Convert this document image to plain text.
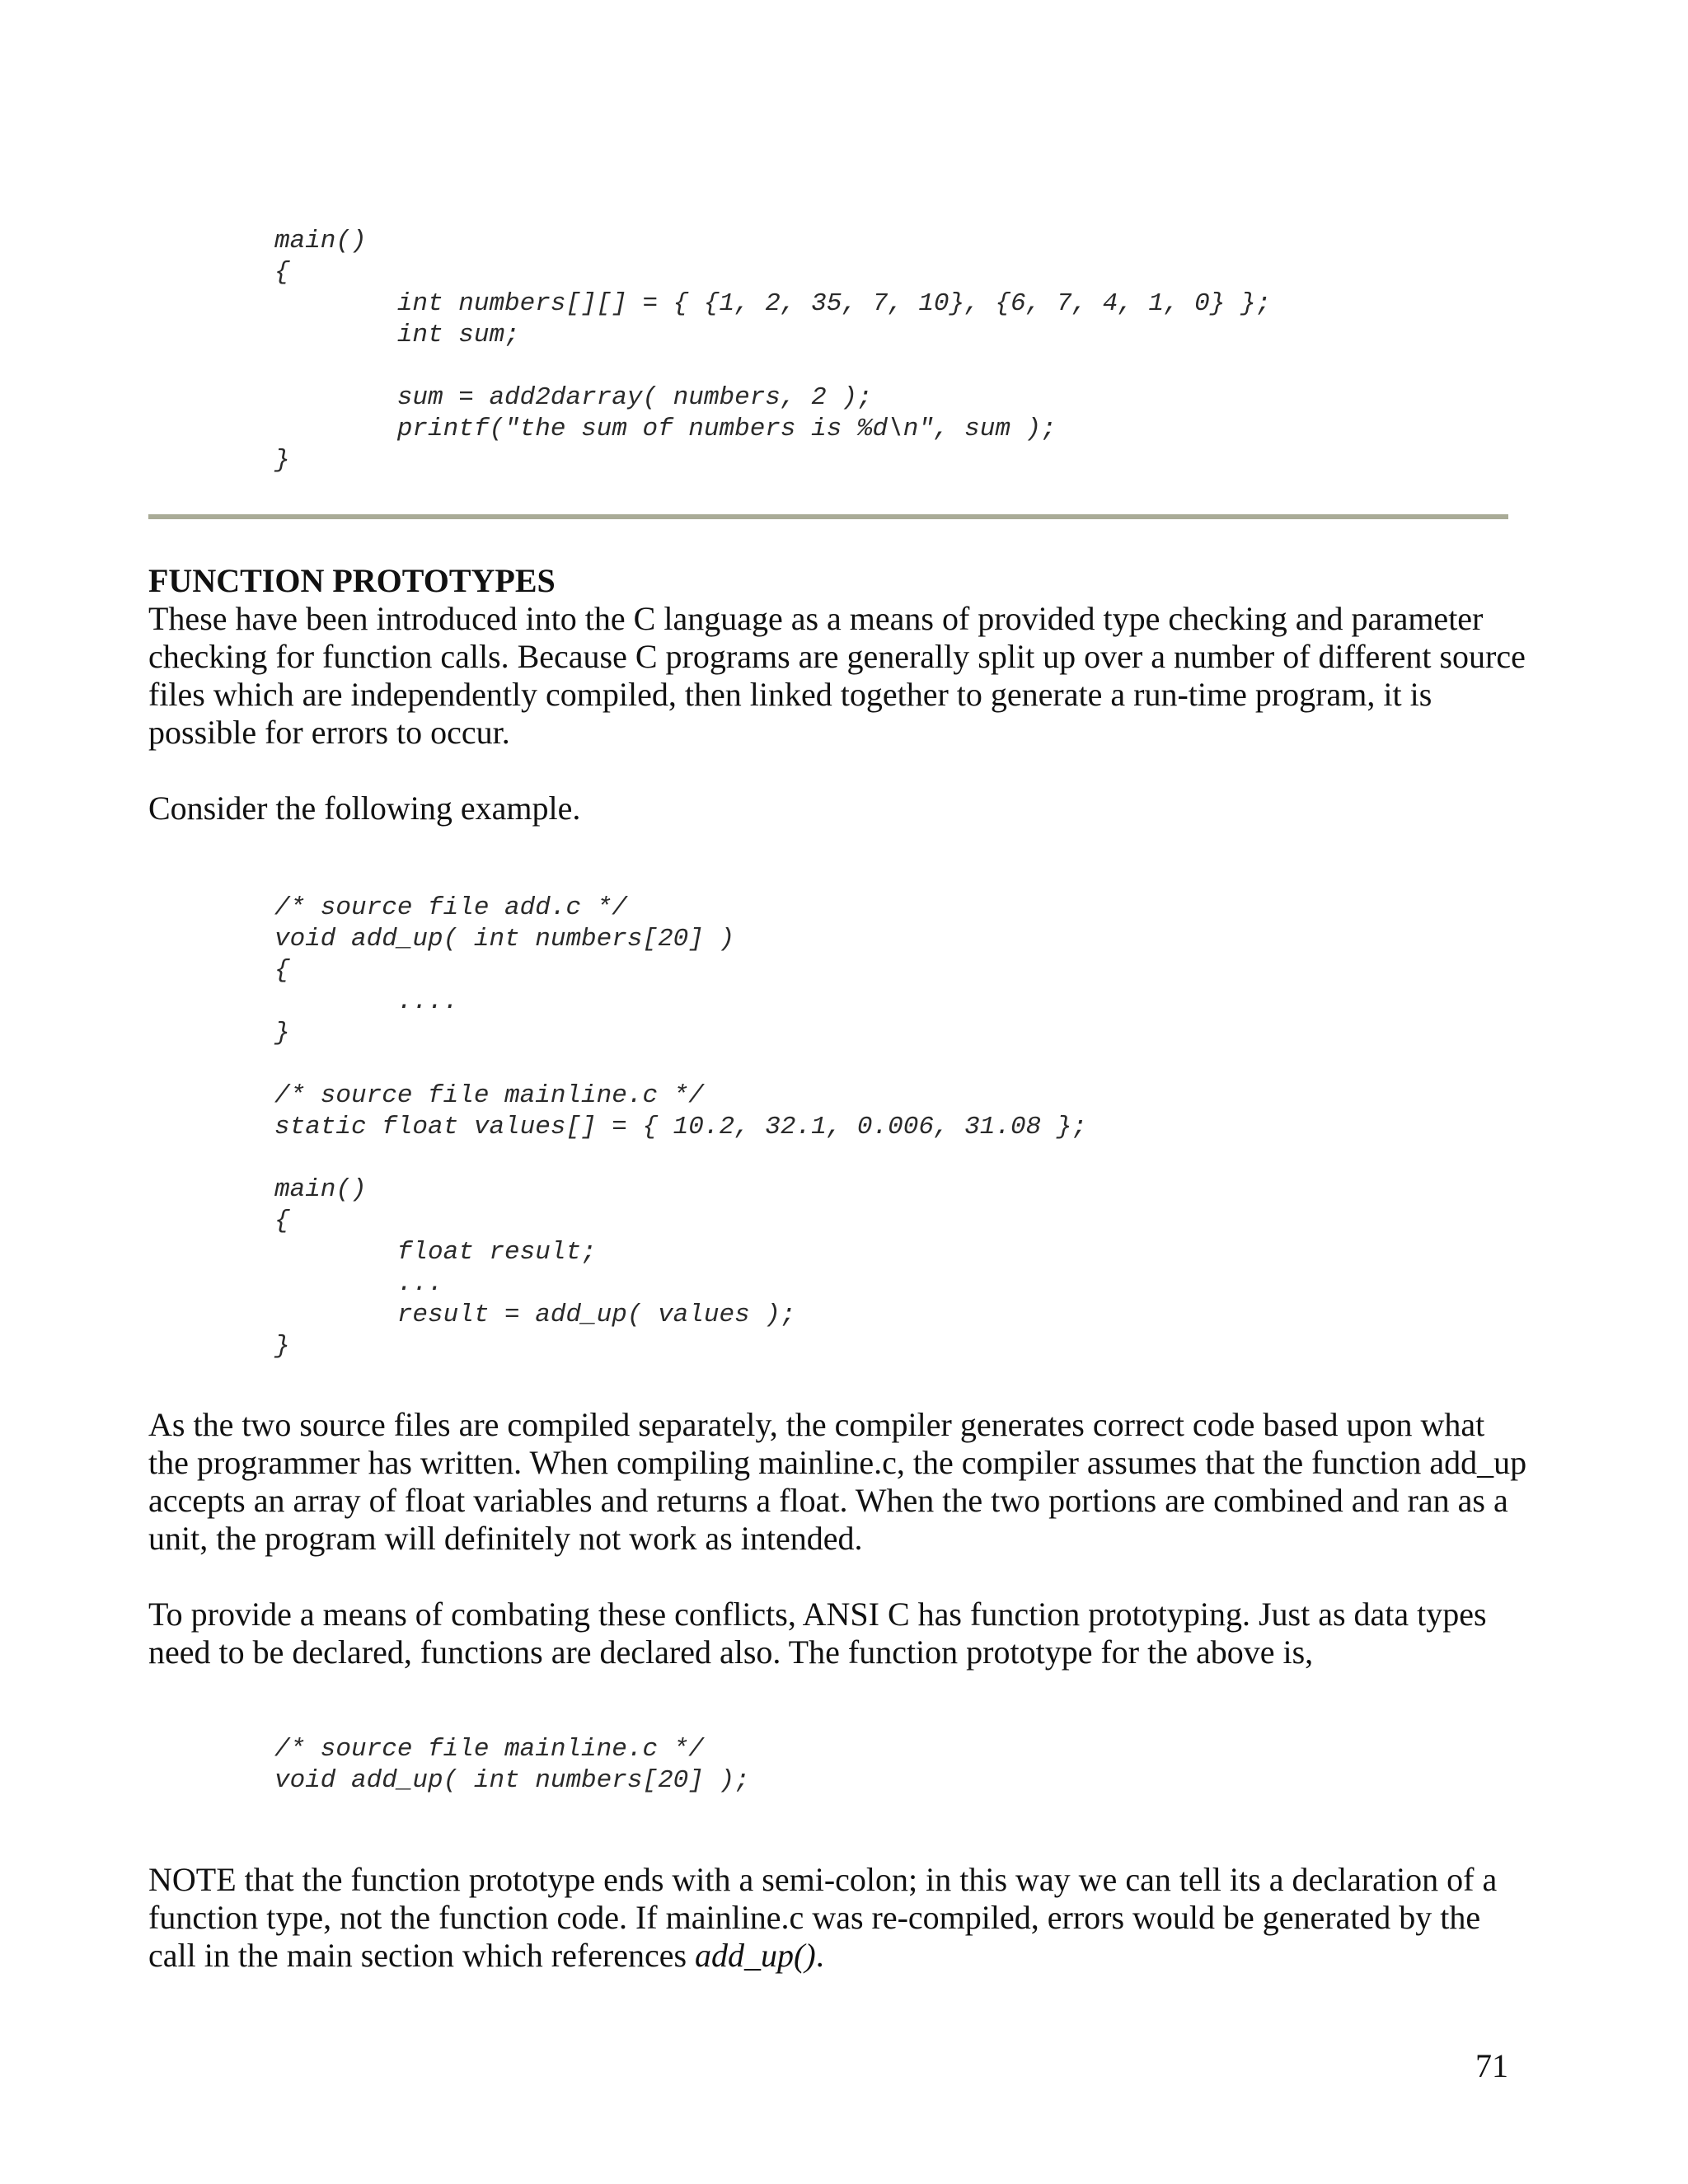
main()
{
	int numbers[][] = { {1, 2, 35, 7, 10}, {6, 7, 4, 1, 0} };
	int sum;

	sum = add2darray( numbers, 2 );
	printf("the sum of numbers is %d\n", sum );
}
FUNCTION PROTOTYPES

These have been introduced into the C language as a means of provided type checking and parameter checking for function calls. Because C programs are generally split up over a number of different source files which are independently compiled, then linked together to generate a run-time program, it is possible for errors to occur.

Consider the following example.

/* source file add.c */
void add_up( int numbers[20] )
{
	....
}

/* source file mainline.c */
static float values[] = { 10.2, 32.1, 0.006, 31.08 };

main()
{
	float result;
	...
	result = add_up( values );
}

As the two source files are compiled separately, the compiler generates correct code based upon what the programmer has written. When compiling mainline.c, the compiler assumes that the function add_up accepts an array of float variables and returns a float. When the two portions are combined and ran as a unit, the program will definitely not work as intended.

To provide a means of combating these conflicts, ANSI C has function prototyping. Just as data types need to be declared, functions are declared also. The function prototype for the above is,

/* source file mainline.c */
void add_up( int numbers[20] );

NOTE that the function prototype ends with a semi-colon; in this way we can tell its a declaration of a function type, not the function code. If mainline.c was re-compiled, errors would be generated by the call in the main section which references add_up().

71
